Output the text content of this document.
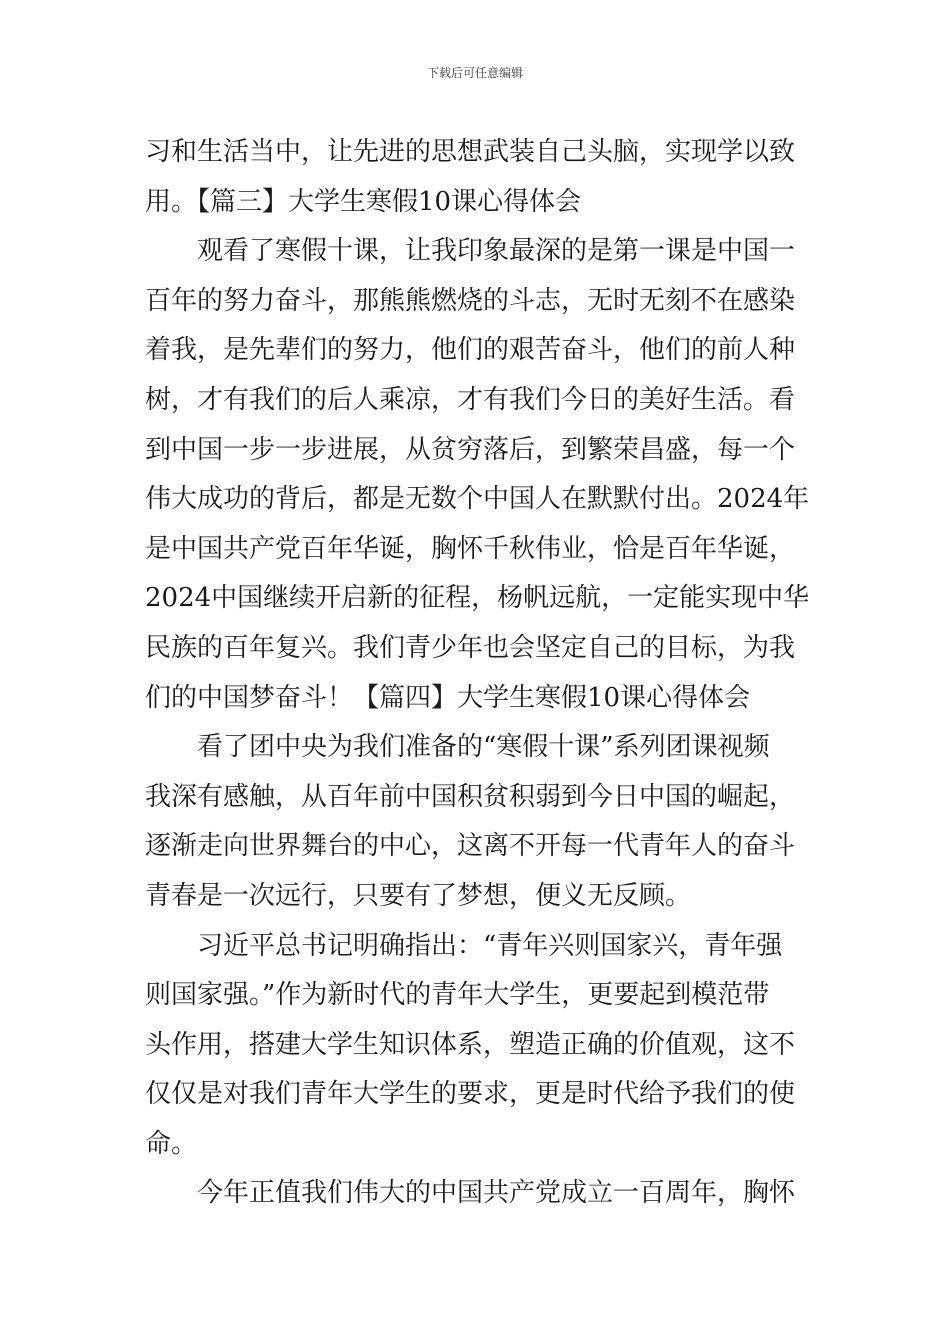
下载后可任意编辑
习和生活当中，让先进的思想武装自己头脑，实现学以致
用。【篇三】大学生寒假10课心得体会
观看了寒假十课，让我印象最深的是第一课是中国一
百年的努力奋斗，那熊熊燃烧的斗志，无时无刻不在感染
着我，是先辈们的努力，他们的艰苦奋斗，他们的前人种
树，才有我们的后人乘凉，才有我们今日的美好生活。看
到中国一步一步进展，从贫穷落后，到繁荣昌盛，每一个
伟大成功的背后，都是无数个中国人在默默付出。2024年
是中国共产党百年华诞，胸怀千秋伟业，恰是百年华诞，
2024中国继续开启新的征程，杨帆远航，一定能实现中华
民族的百年复兴。我们青少年也会坚定自己的目标，为我
们的中国梦奋斗！【篇四】大学生寒假10课心得体会
看了团中央为我们准备的“寒假十课”系列团课视频
我深有感触，从百年前中国积贫积弱到今日中国的崛起，
逐渐走向世界舞台的中心，这离不开每一代青年人的奋斗
青春是一次远行，只要有了梦想，便义无反顾。
习近平总书记明确指出：“青年兴则国家兴，青年强
则国家强。”作为新时代的青年大学生，更要起到模范带
头作用，搭建大学生知识体系，塑造正确的价值观，这不
仅仅是对我们青年大学生的要求，更是时代给予我们的使
命。
今年正值我们伟大的中国共产党成立一百周年，胸怀
